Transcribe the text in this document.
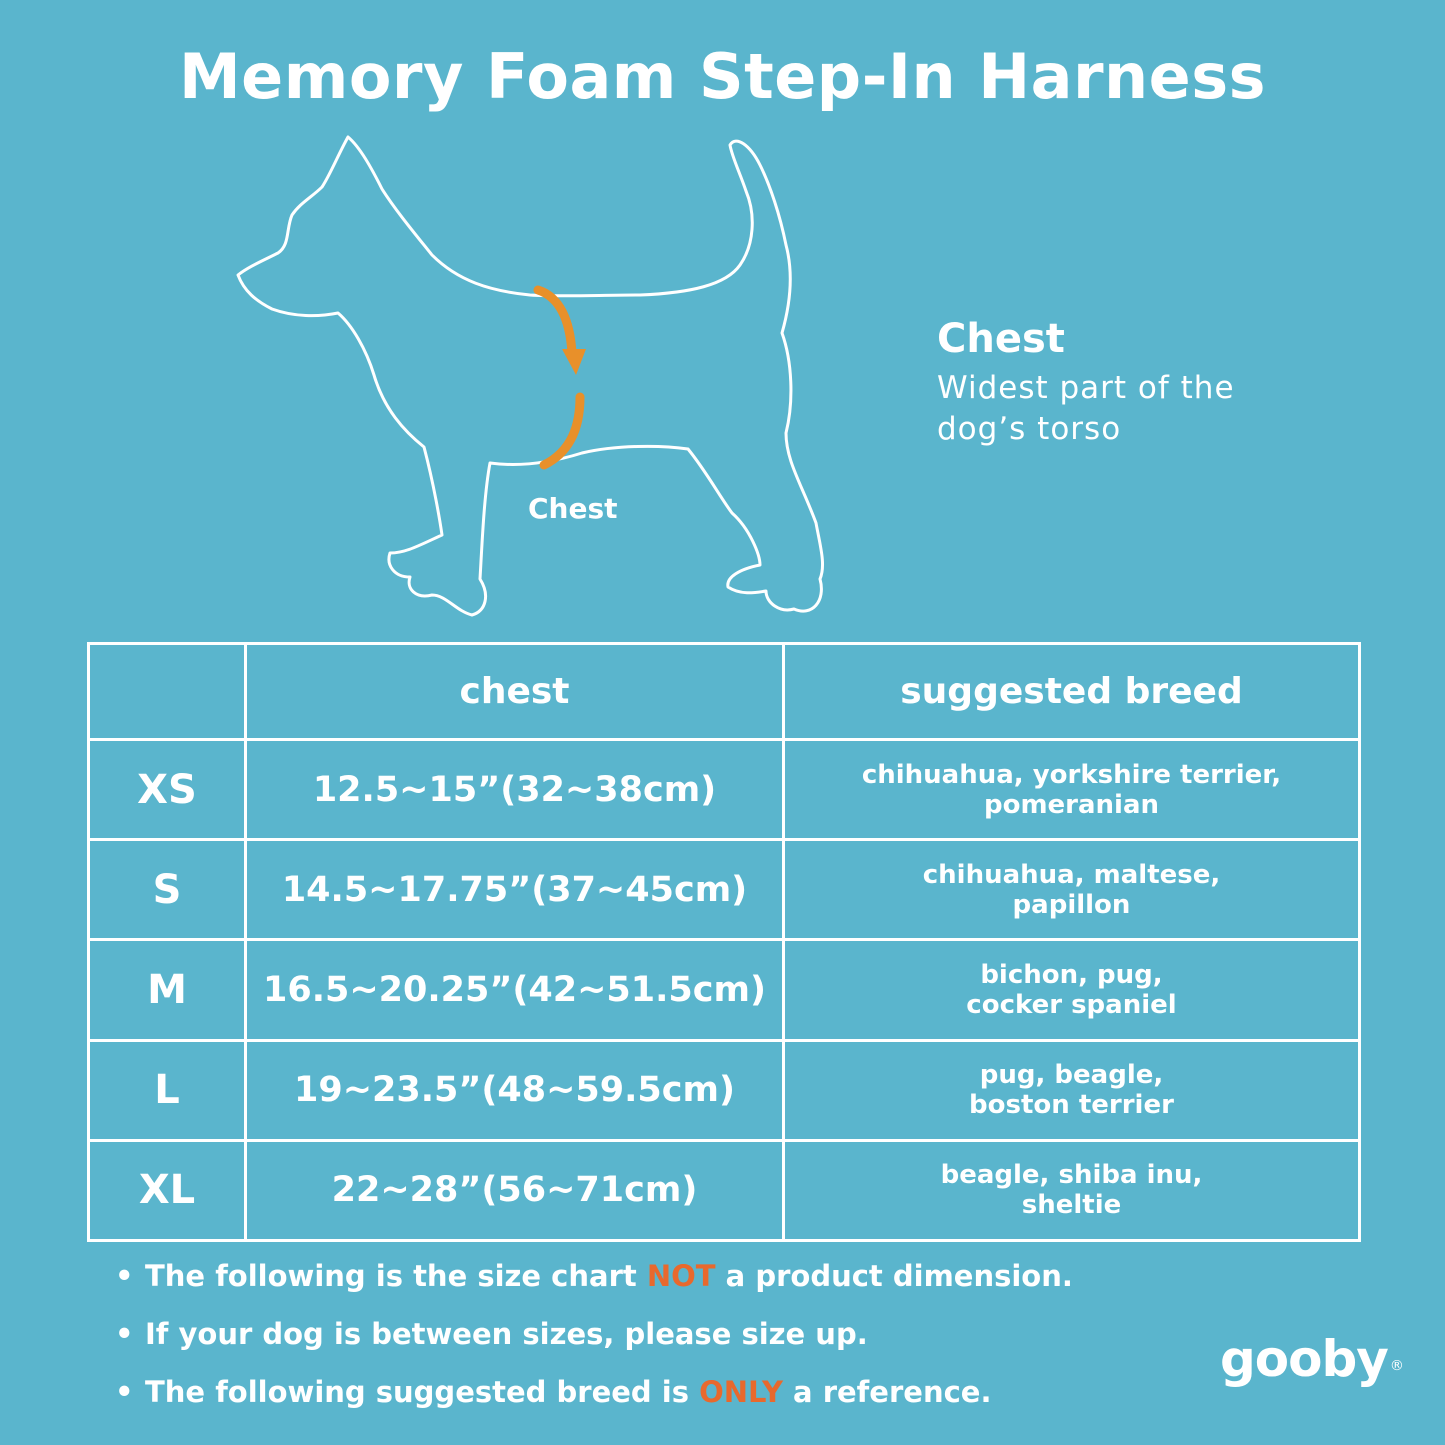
Memory Foam Step-In Harness
Chest
Chest
Widest part of the
dog’s torso
	chest	suggested breed
XS	12.5~15”(32~38cm)	chihuahua, yorkshire terrier,
pomeranian

S	14.5~17.75”(37~45cm)	chihuahua, maltese,
papillon

M	16.5~20.25”(42~51.5cm)	bichon, pug,
cocker spaniel

L	19~23.5”(48~59.5cm)	pug, beagle,
boston terrier

XL	22~28”(56~71cm)	beagle, shiba inu,
sheltie
• The following is the size chart NOT a product dimension.
• If your dog is between sizes, please size up.
• The following suggested breed is ONLY a reference.
gooby ®
